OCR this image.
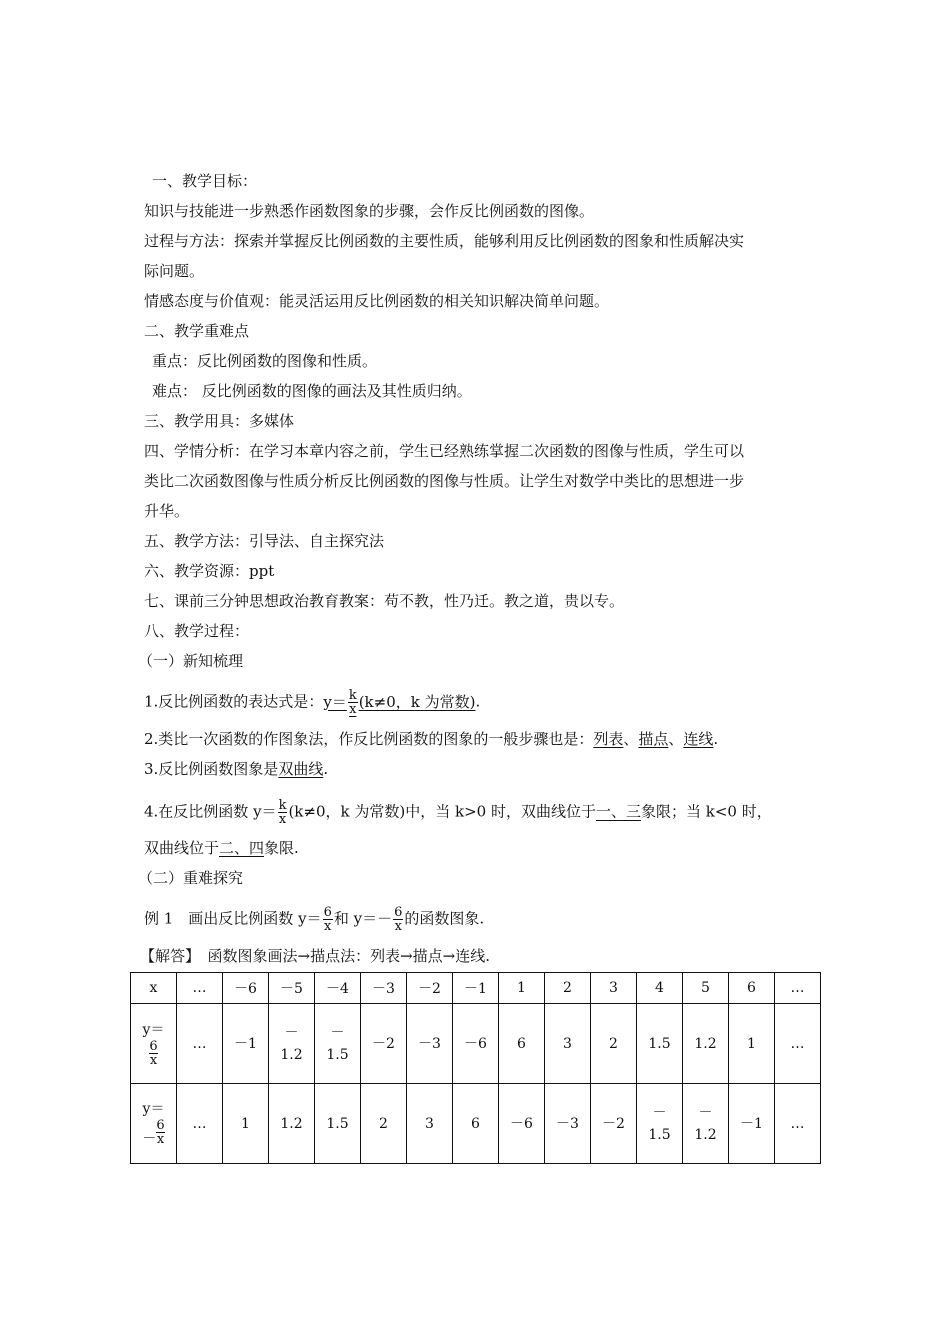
一、教学目标：
知识与技能进一步熟悉作函数图象的步骤，会作反比例函数的图像。
过程与方法：探索并掌握反比例函数的主要性质，能够利用反比例函数的图象和性质解决实
际问题。
情感态度与价值观：能灵活运用反比例函数的相关知识解决简单问题。
二、教学重难点
重点：反比例函数的图像和性质。
难点： 反比例函数的图像的画法及其性质归纳。
三、教学用具：多媒体
四、学情分析：在学习本章内容之前，学生已经熟练掌握二次函数的图像与性质，学生可以
类比二次函数图像与性质分析反比例函数的图像与性质。让学生对数学中类比的思想进一步
升华。
五、教学方法：引导法、自主探究法
六、教学资源：ppt
七、课前三分钟思想政治教育教案：苟不教，性乃迁。教之道，贵以专。
八、教学过程：
（一）新知梳理
1.反比例函数的表达式是：$y= \frac{k}{x} (k\ne 0$，k 为常数).
2.类比一次函数的作图象法，作反比例函数的图象的一般步骤也是：列表、描点、连线.
3.反比例函数图象是双曲线.
4.在反比例函数 $y= \frac{k}{x} (k\ne 0$，k 为常数)中，当 k>0 时，双曲线位于一、三象限；当 k<0 时，
双曲线位于二、四象限.
（二）重难探究
例 1　画出反比例函数 $y= \frac{6}{x}$ 和 $y=- \frac{6}{x}$ 的函数图象.
【解答】　函数图象画法→描点法：列表→描点→连线.
x	…	－6	－5	－4	－3	－2	－1	1	2	3	4	5	6	…

y＝
$\frac{6}{x}$	…	－1	－
1.2	－
1.5	－2	－3	－6	6	3	2	1.5	1.2	1	…

y＝
－ $\frac{6}{x}$	…	1	1.2	1.5	2	3	6	－6	－3	－2	－
1.5	－
1.2	－1	…
